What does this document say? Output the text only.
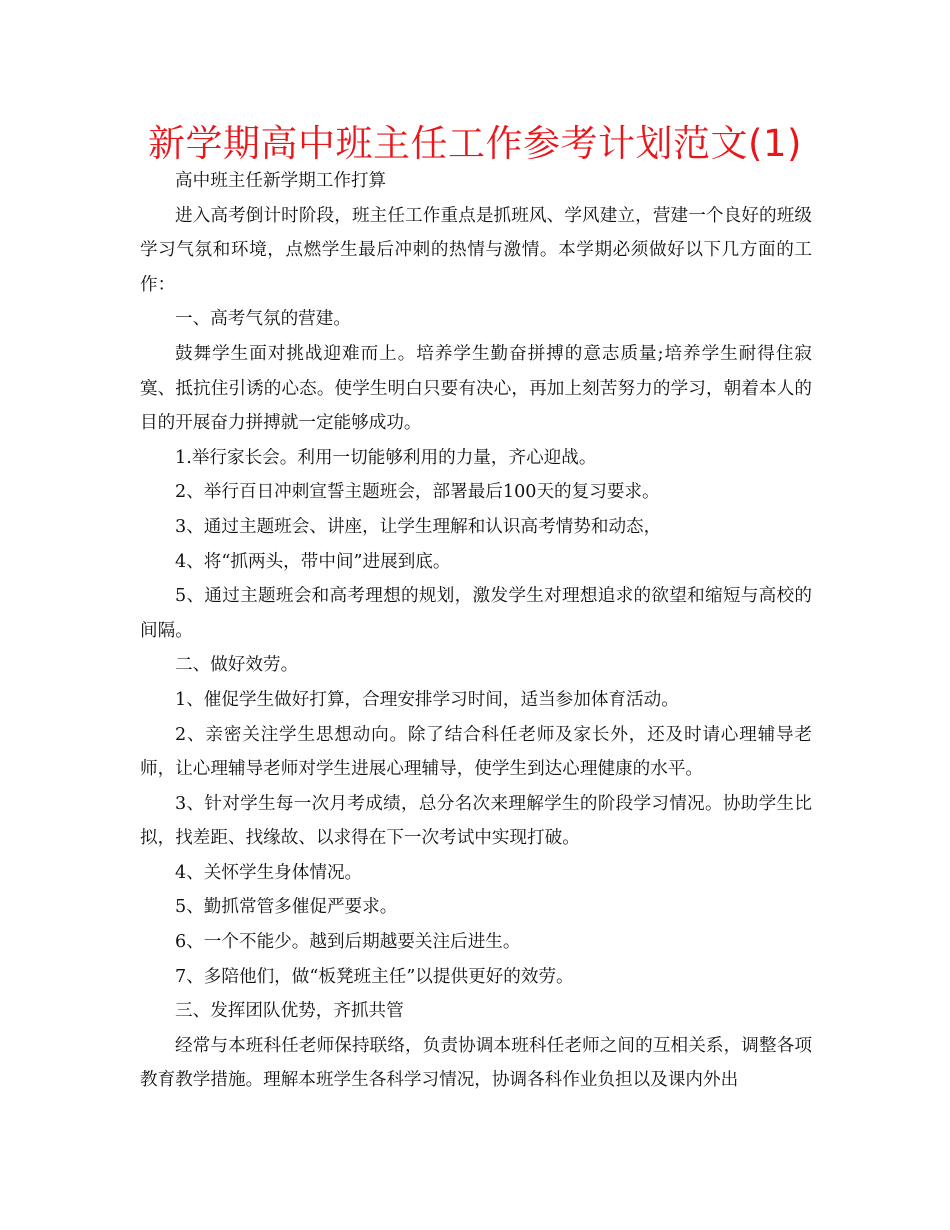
新学期高中班主任工作参考计划范文(1)

高中班主任新学期工作打算

进入高考倒计时阶段，班主任工作重点是抓班风、学风建立，营建一个良好的班级学习气氛和环境，点燃学生最后冲刺的热情与激情。本学期必须做好以下几方面的工作：

一、高考气氛的营建。

鼓舞学生面对挑战迎难而上。培养学生勤奋拼搏的意志质量;培养学生耐得住寂寞、抵抗住引诱的心态。使学生明白只要有决心，再加上刻苦努力的学习，朝着本人的目的开展奋力拼搏就一定能够成功。

1.举行家长会。利用一切能够利用的力量，齐心迎战。

2、举行百日冲刺宣誓主题班会，部署最后100天的复习要求。

3、通过主题班会、讲座，让学生理解和认识高考情势和动态，

4、将“抓两头，带中间”进展到底。

5、通过主题班会和高考理想的规划，激发学生对理想追求的欲望和缩短与高校的间隔。

二、做好效劳。

1、催促学生做好打算，合理安排学习时间，适当参加体育活动。

2、亲密关注学生思想动向。除了结合科任老师及家长外，还及时请心理辅导老师，让心理辅导老师对学生进展心理辅导，使学生到达心理健康的水平。

3、针对学生每一次月考成绩，总分名次来理解学生的阶段学习情况。协助学生比拟，找差距、找缘故、以求得在下一次考试中实现打破。

4、关怀学生身体情况。

5、勤抓常管多催促严要求。

6、一个不能少。越到后期越要关注后进生。

7、多陪他们，做“板凳班主任”以提供更好的效劳。

三、发挥团队优势，齐抓共管

经常与本班科任老师保持联络，负责协调本班科任老师之间的互相关系，调整各项教育教学措施。理解本班学生各科学习情况，协调各科作业负担以及课内外出
